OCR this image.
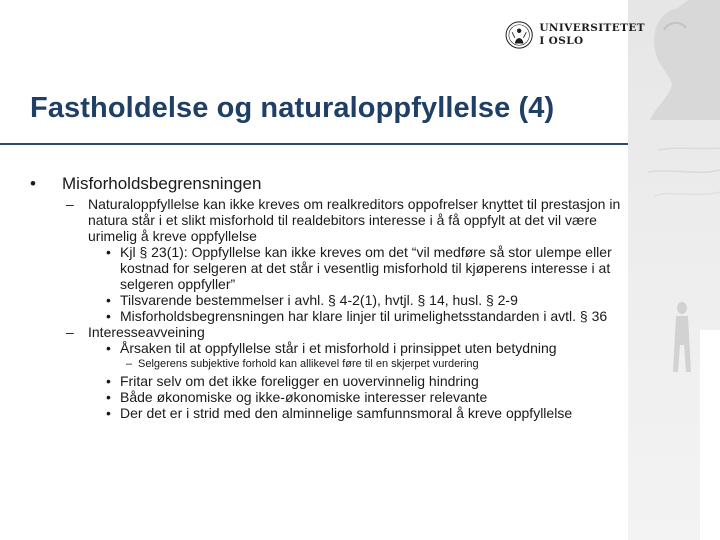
UNIVERSITETET
I OSLO
Fastholdelse og naturaloppfyllelse (4)
• Misforholdsbegrensningen
– Naturaloppfyllelse kan ikke kreves om realkreditors oppofrelser knyttet til prestasjon in natura står i et slikt misforhold til realdebitors interesse i å få oppfylt at det vil være urimelig å kreve oppfyllelse
• Kjl § 23(1): Oppfyllelse kan ikke kreves om det “vil medføre så stor ulempe eller kostnad for selgeren at det står i vesentlig misforhold til kjøperens interesse i at selgeren oppfyller”
• Tilsvarende bestemmelser i avhl. § 4-2(1), hvtjl. § 14, husl. § 2-9
• Misforholdsbegrensningen har klare linjer til urimelighetsstandarden i avtl. § 36
– Interesseavveining
• Årsaken til at oppfyllelse står i et misforhold i prinsippet uten betydning
– Selgerens subjektive forhold kan allikevel føre til en skjerpet vurdering
• Fritar selv om det ikke foreligger en uovervinnelig hindring
• Både økonomiske og ikke-økonomiske interesser relevante
• Der det er i strid med den alminnelige samfunnsmoral å kreve oppfyllelse
